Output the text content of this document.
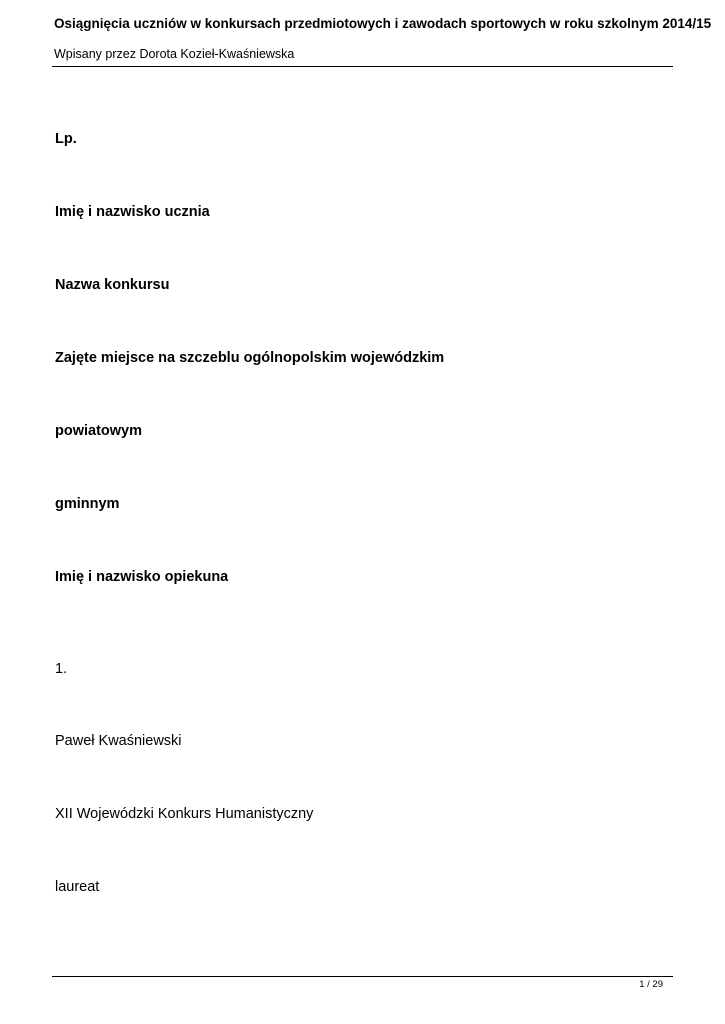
Osiągnięcia uczniów w konkursach przedmiotowych i zawodach sportowych w roku szkolnym 2014/15
Wpisany przez Dorota Kozieł-Kwaśniewska
Lp.
Imię i nazwisko ucznia
Nazwa konkursu
Zajęte miejsce na szczeblu ogólnopolskim wojewódzkim
powiatowym
gminnym
Imię i nazwisko opiekuna
1.
Paweł Kwaśniewski
XII Wojewódzki Konkurs Humanistyczny
laureat
1 / 29
